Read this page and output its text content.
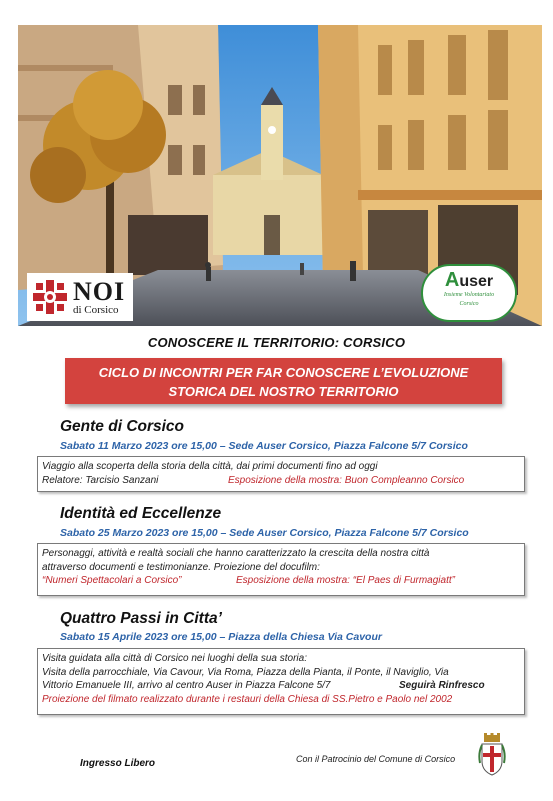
NOI
di Corsico
Auser
Insieme Volontariato
Corsico
CONOSCERE IL TERRITORIO: CORSICO
CICLO DI INCONTRI PER FAR CONOSCERE L’EVOLUZIONE
STORICA DEL NOSTRO TERRITORIO
Gente di Corsico
Sabato 11 Marzo 2023 ore 15,00 – Sede Auser Corsico, Piazza Falcone 5/7 Corsico
Viaggio alla scoperta della storia della città, dai primi documenti fino ad oggi
Relatore: Tarcisio Sanzani	Esposizione della mostra: Buon Compleanno Corsico
Identità ed Eccellenze
Sabato 25 Marzo 2023 ore 15,00 – Sede Auser Corsico, Piazza Falcone 5/7 Corsico
Personaggi, attività e realtà sociali che hanno caratterizzato la crescita della nostra città
attraverso documenti e testimonianze. Proiezione del docufilm:
“Numeri Spettacolari a Corsico”	Esposizione della mostra: “El Paes di Furmagiatt”
Quattro Passi in Citta’
Sabato 15 Aprile 2023 ore 15,00 – Piazza della Chiesa Via Cavour
Visita guidata alla città di Corsico nei luoghi della sua storia:
Visita della parrocchiale, Via Cavour, Via Roma, Piazza della Pianta, il Ponte, il Naviglio, Via
Vittorio Emanuele III, arrivo al centro Auser in Piazza Falcone 5/7	Seguirà Rinfresco
Proiezione del filmato realizzato durante i restauri della Chiesa di SS.Pietro e Paolo nel 2002
Ingresso Libero	Con il Patrocinio del Comune di Corsico
